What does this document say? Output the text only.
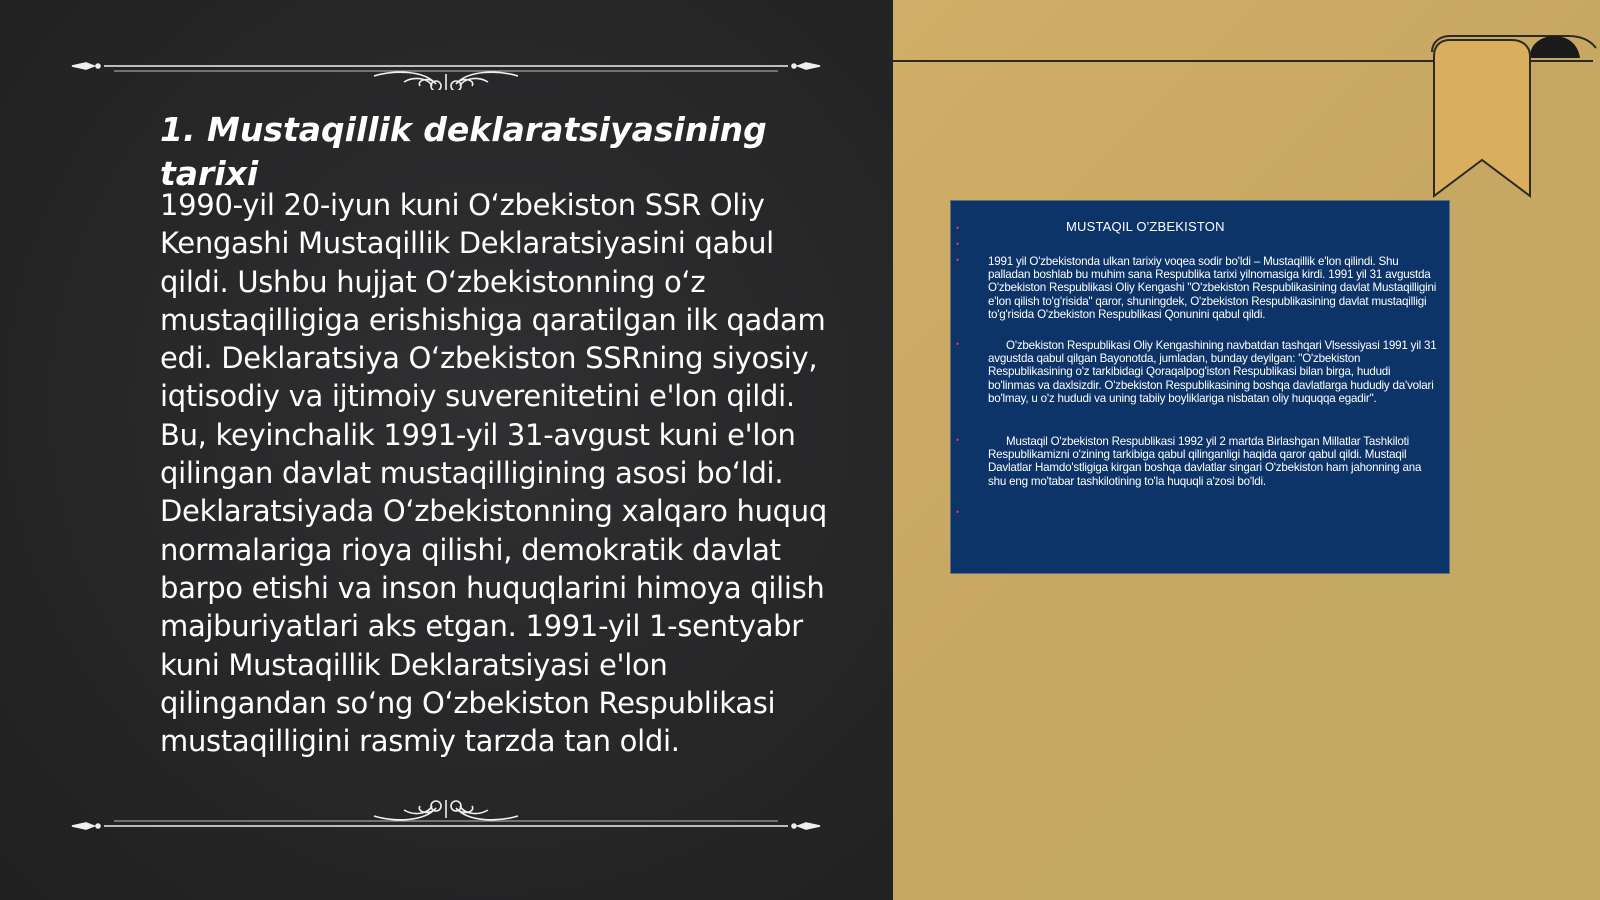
1. Mustaqillik deklaratsiyasining tarixi
1990-yil 20-iyun kuni O‘zbekiston SSR Oliy Kengashi Mustaqillik Deklaratsiyasini qabul qildi. Ushbu hujjat O‘zbekistonning o‘z mustaqilligiga erishishiga qaratilgan ilk qadam edi. Deklaratsiya O‘zbekiston SSRning siyosiy, iqtisodiy va ijtimoiy suverenitetini e'lon qildi. Bu, keyinchalik 1991-yil 31-avgust kuni e'lon qilingan davlat mustaqilligining asosi bo‘ldi. Deklaratsiyada O‘zbekistonning xalqaro huquq normalariga rioya qilishi, demokratik davlat barpo etishi va inson huquqlarini himoya qilish majburiyatlari aks etgan. 1991-yil 1-sentyabr kuni Mustaqillik Deklaratsiyasi e'lon qilingandan so‘ng O‘zbekiston Respublikasi mustaqilligini rasmiy tarzda tan oldi.
MUSTAQIL O'ZBEKISTON
•
•
• 1991 yil O'zbekistonda ulkan tarixiy voqea sodir bo'ldi – Mustaqillik e'lon qilindi. Shu palladan boshlab bu muhim sana Respublika tarixi yilnomasiga kirdi. 1991 yil 31 avgustda O'zbekiston Respublikasi Oliy Kengashi "O'zbekiston Respublikasining davlat Mustaqilligini e'lon qilish to'g'risida" qaror, shuningdek, O'zbekiston Respublikasining davlat mustaqilligi to'g'risida O'zbekiston Respublikasi Qonunini qabul qildi.
•	O'zbekiston Respublikasi Oliy Kengashining navbatdan tashqari Vlsessiyasi 1991 yil 31 avgustda qabul qilgan Bayonotda, jumladan, bunday deyilgan: "O'zbekiston Respublikasining o'z tarkibidagi Qoraqalpog'iston Respublikasi bilan birga, hududi bo'linmas va daxlsizdir. O'zbekiston Respublikasining boshqa davlatlarga hududiy da'volari bo'lmay, u o'z hududi va uning tabiiy boyliklariga nisbatan oliy huquqqa egadir".
•	Mustaqil O'zbekiston Respublikasi 1992 yil 2 martda Birlashgan Millatlar Tashkiloti Respublikamizni o'zining tarkibiga qabul qilinganligi haqida qaror qabul qildi. Mustaqil Davlatlar Hamdo'stligiga kirgan boshqa davlatlar singari O'zbekiston ham jahonning ana shu eng mo'tabar tashkilotining to'la huquqli a'zosi bo'ldi.
•
